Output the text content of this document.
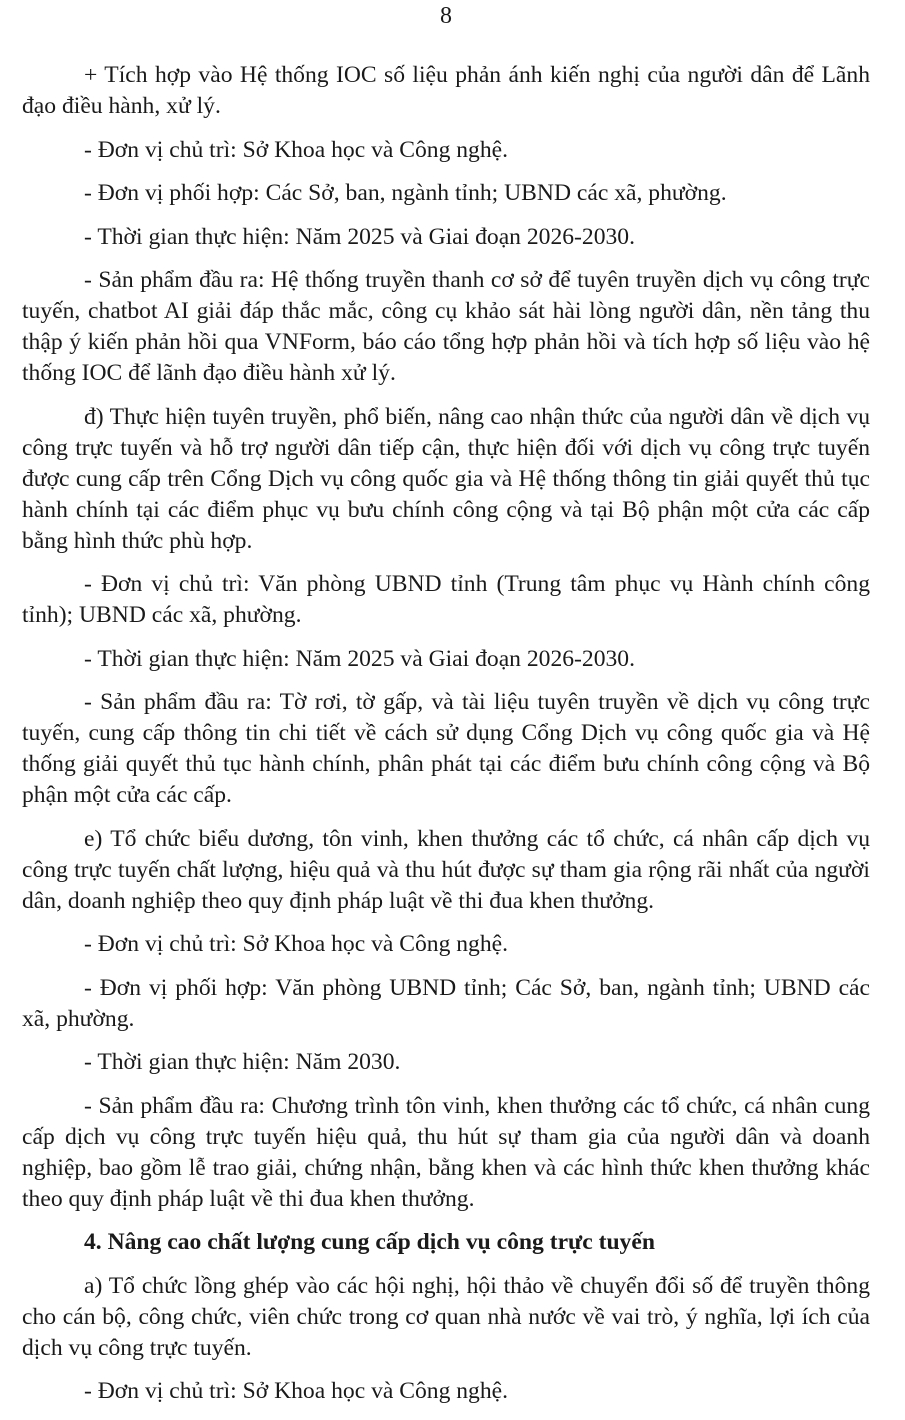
8

+ Tích hợp vào Hệ thống IOC số liệu phản ánh kiến nghị của người dân để Lãnh đạo điều hành, xử lý.

- Đơn vị chủ trì: Sở Khoa học và Công nghệ.

- Đơn vị phối hợp: Các Sở, ban, ngành tỉnh; UBND các xã, phường.

- Thời gian thực hiện: Năm 2025 và Giai đoạn 2026-2030.

- Sản phẩm đầu ra: Hệ thống truyền thanh cơ sở để tuyên truyền dịch vụ công trực tuyến, chatbot AI giải đáp thắc mắc, công cụ khảo sát hài lòng người dân, nền tảng thu thập ý kiến phản hồi qua VNForm, báo cáo tổng hợp phản hồi và tích hợp số liệu vào hệ thống IOC để lãnh đạo điều hành xử lý.

đ) Thực hiện tuyên truyền, phổ biến, nâng cao nhận thức của người dân về dịch vụ công trực tuyến và hỗ trợ người dân tiếp cận, thực hiện đối với dịch vụ công trực tuyến được cung cấp trên Cổng Dịch vụ công quốc gia và Hệ thống thông tin giải quyết thủ tục hành chính tại các điểm phục vụ bưu chính công cộng và tại Bộ phận một cửa các cấp bằng hình thức phù hợp.

- Đơn vị chủ trì: Văn phòng UBND tỉnh (Trung tâm phục vụ Hành chính công tỉnh); UBND các xã, phường.

- Thời gian thực hiện: Năm 2025 và Giai đoạn 2026-2030.

- Sản phẩm đầu ra: Tờ rơi, tờ gấp, và tài liệu tuyên truyền về dịch vụ công trực tuyến, cung cấp thông tin chi tiết về cách sử dụng Cổng Dịch vụ công quốc gia và Hệ thống giải quyết thủ tục hành chính, phân phát tại các điểm bưu chính công cộng và Bộ phận một cửa các cấp.

e) Tổ chức biểu dương, tôn vinh, khen thưởng các tổ chức, cá nhân cấp dịch vụ công trực tuyến chất lượng, hiệu quả và thu hút được sự tham gia rộng rãi nhất của người dân, doanh nghiệp theo quy định pháp luật về thi đua khen thưởng.

- Đơn vị chủ trì: Sở Khoa học và Công nghệ.

- Đơn vị phối hợp: Văn phòng UBND tỉnh; Các Sở, ban, ngành tỉnh; UBND các xã, phường.

- Thời gian thực hiện: Năm 2030.

- Sản phẩm đầu ra: Chương trình tôn vinh, khen thưởng các tổ chức, cá nhân cung cấp dịch vụ công trực tuyến hiệu quả, thu hút sự tham gia của người dân và doanh nghiệp, bao gồm lễ trao giải, chứng nhận, bằng khen và các hình thức khen thưởng khác theo quy định pháp luật về thi đua khen thưởng.

4. Nâng cao chất lượng cung cấp dịch vụ công trực tuyến

a) Tổ chức lồng ghép vào các hội nghị, hội thảo về chuyển đổi số để truyền thông cho cán bộ, công chức, viên chức trong cơ quan nhà nước về vai trò, ý nghĩa, lợi ích của dịch vụ công trực tuyến.

- Đơn vị chủ trì: Sở Khoa học và Công nghệ.
